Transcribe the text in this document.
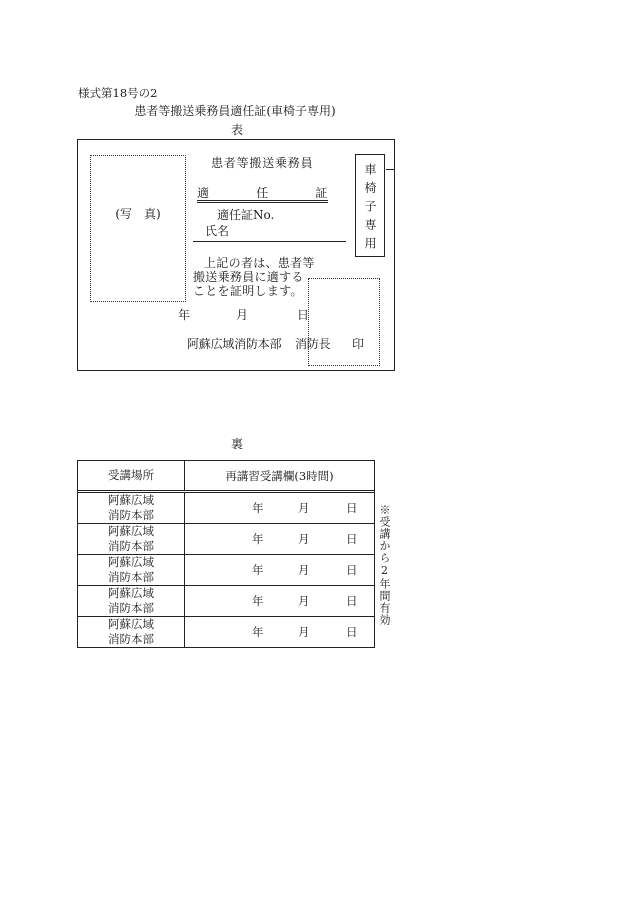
様式第18号の2
患者等搬送乗務員適任証(車椅子専用)
表
(写　真)
患者等搬送乗務員
適　　　任　　　証
適任証No.
氏名	車椅子専用
上記の者は、患者等
搬送乗務員に適する
ことを証明します。
年	月	日
阿蘇広域消防本部 消防長 印
裏
受講場所	再講習受講欄(3時間)
阿蘇広域
消防本部	年	月	日
阿蘇広域
消防本部	年	月	日
阿蘇広域
消防本部	年	月	日
阿蘇広域
消防本部	年	月	日
阿蘇広域
消防本部	年	月	日
※受講から2年間有効
